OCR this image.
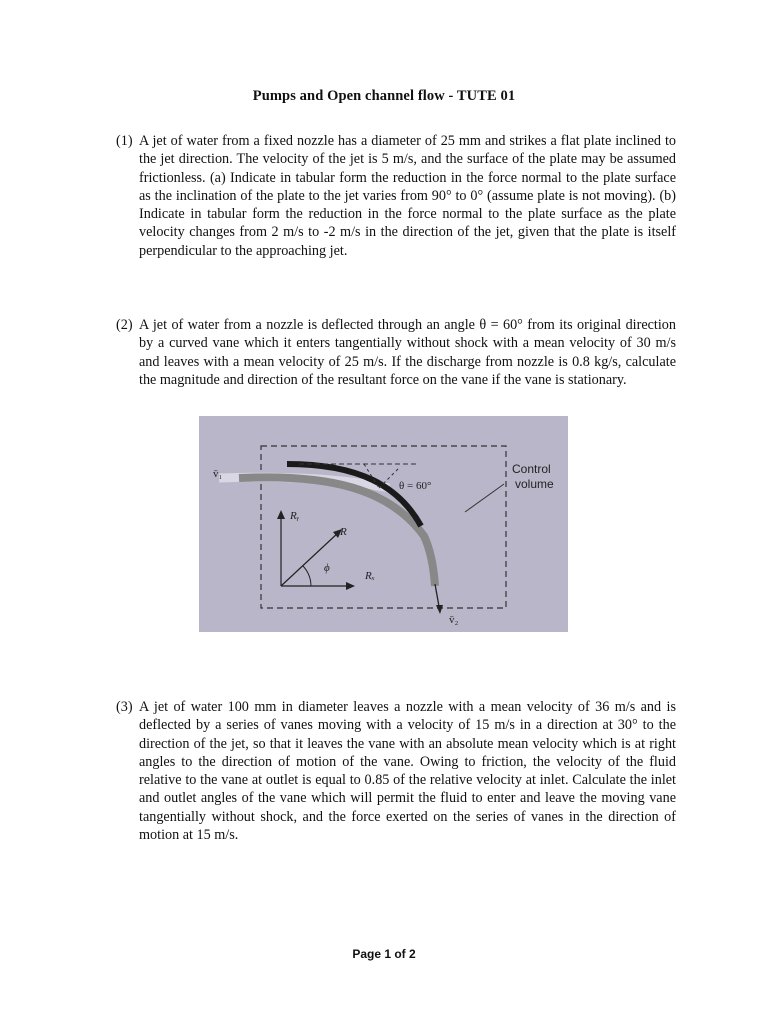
Pumps and Open channel flow - TUTE 01
(1) A jet of water from a fixed nozzle has a diameter of 25 mm and strikes a flat plate inclined to the jet direction. The velocity of the jet is 5 m/s, and the surface of the plate may be assumed frictionless. (a) Indicate in tabular form the reduction in the force normal to the plate surface as the inclination of the plate to the jet varies from 90° to 0° (assume plate is not moving). (b) Indicate in tabular form the reduction in the force normal to the plate surface as the plate velocity changes from 2 m/s to -2 m/s in the direction of the jet, given that the plate is itself perpendicular to the approaching jet.
(2) A jet of water from a nozzle is deflected through an angle θ = 60° from its original direction by a curved vane which it enters tangentially without shock with a mean velocity of 30 m/s and leaves with a mean velocity of 25 m/s. If the discharge from nozzle is 0.8 kg/s, calculate the magnitude and direction of the resultant force on the vane if the vane is stationary.
v̄₁
v̄₂
θ = 60°
Control
volume
Rᵧ
R
Rₓ
ϕ
(3) A jet of water 100 mm in diameter leaves a nozzle with a mean velocity of 36 m/s and is deflected by a series of vanes moving with a velocity of 15 m/s in a direction at 30° to the direction of the jet, so that it leaves the vane with an absolute mean velocity which is at right angles to the direction of motion of the vane. Owing to friction, the velocity of the fluid relative to the vane at outlet is equal to 0.85 of the relative velocity at inlet. Calculate the inlet and outlet angles of the vane which will permit the fluid to enter and leave the moving vane tangentially without shock, and the force exerted on the series of vanes in the direction of motion at 15 m/s.
Page 1 of 2
